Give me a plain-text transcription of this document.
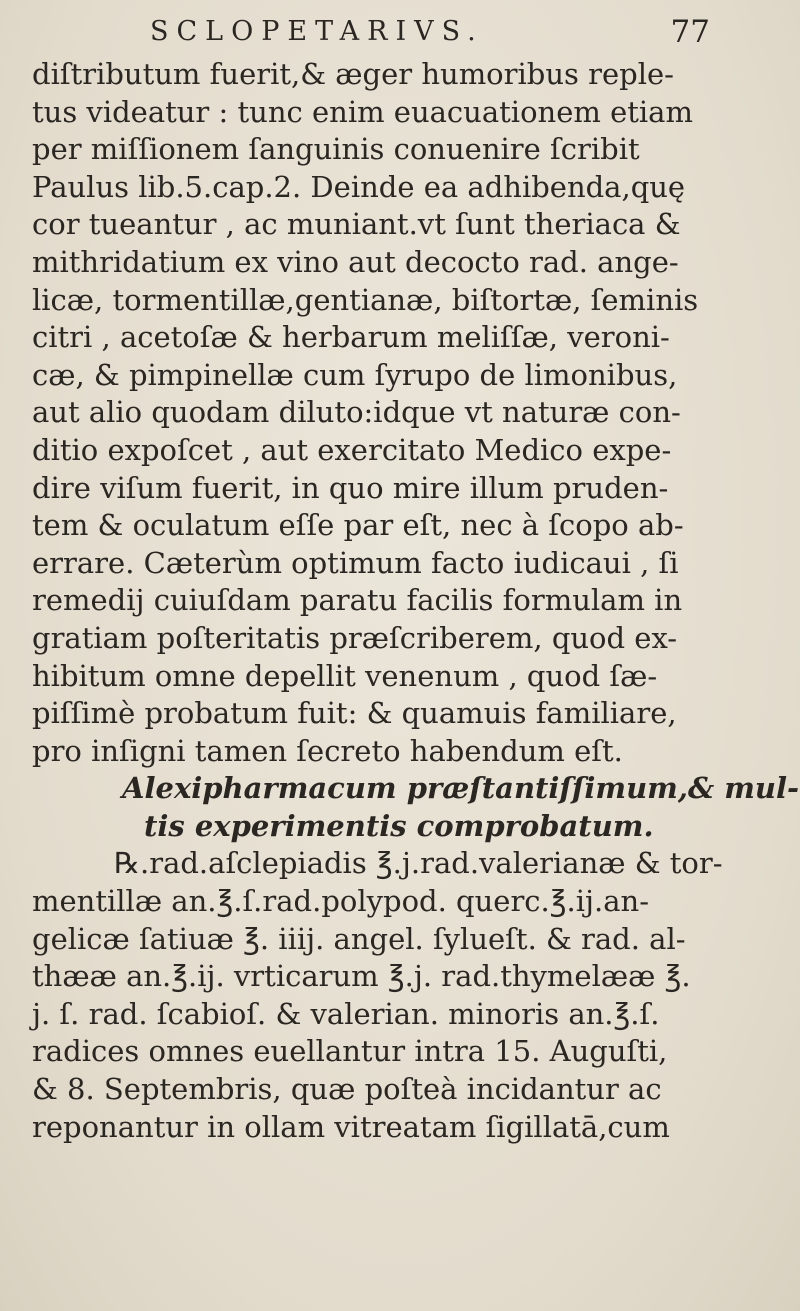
SCLOPETARIVS.	77
diſtributum fuerit,& æger humoribus reple-
tus videatur : tunc enim euacuationem etiam
per miſſionem ſanguinis conuenire ſcribit
Paulus lib.5.cap.2. Deinde ea adhibenda,quę
cor tueantur , ac muniant.vt ſunt theriaca &
mithridatium ex vino aut decocto rad. ange-
licæ, tormentillæ,gentianæ, biſtortæ, ſeminis
citri , acetoſæ & herbarum meliſſæ, veroni-
cæ, & pimpinellæ cum ſyrupo de limonibus,
aut alio quodam diluto:idque vt naturæ con-
ditio expoſcet , aut exercitato Medico expe-
dire viſum fuerit, in quo mire illum pruden-
tem & oculatum eſſe par eſt, nec à ſcopo ab-
errare. Cæterùm optimum facto iudicaui , ſi
remedij cuiuſdam paratu facilis formulam in
gratiam poſteritatis præſcriberem, quod ex-
hibitum omne depellit venenum , quod ſæ-
piſſimè probatum fuit: & quamuis familiare,
pro inſigni tamen ſecreto habendum eſt.
Alexipharmacum præſtantiſſimum,& mul-
tis experimentis comprobatum.
℞.rad.aſclepiadis ℥.j.rad.valerianæ & tor-
mentillæ an.℥.ſ.rad.polypod. querc.℥.ij.an-
gelicæ ſatiuæ ℥. iiij. angel. ſylueſt. & rad. al-
thææ an.℥.ij. vrticarum ℥.j. rad.thymelææ ℥.
j. ſ. rad. ſcabioſ. & valerian. minoris an.℥.ſ.
radices omnes euellantur intra 15. Auguſti,
& 8. Septembris, quæ poſteà incidantur ac
reponantur in ollam vitreatam ſigillatā,cum
